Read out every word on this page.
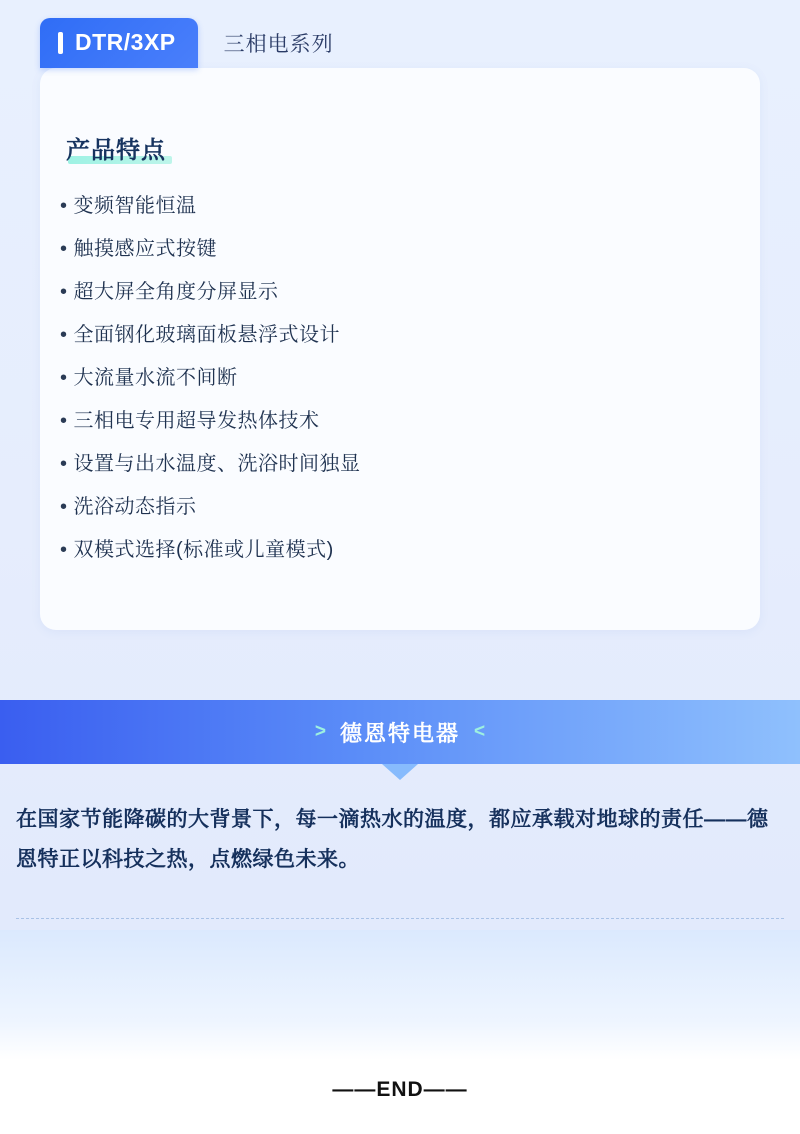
DTR/3XP 三相电系列
产品特点
• 变频智能恒温
• 触摸感应式按键
• 超大屏全角度分屏显示
• 全面钢化玻璃面板悬浮式设计
• 大流量水流不间断
• 三相电专用超导发热体技术
• 设置与出水温度、洗浴时间独显
• 洗浴动态指示
• 双模式选择(标准或儿童模式)
> 德恩特电器 <
在国家节能降碳的大背景下，每一滴热水的温度，都应承载对地球的责任——德恩特正以科技之热，点燃绿色未来。
——END——
